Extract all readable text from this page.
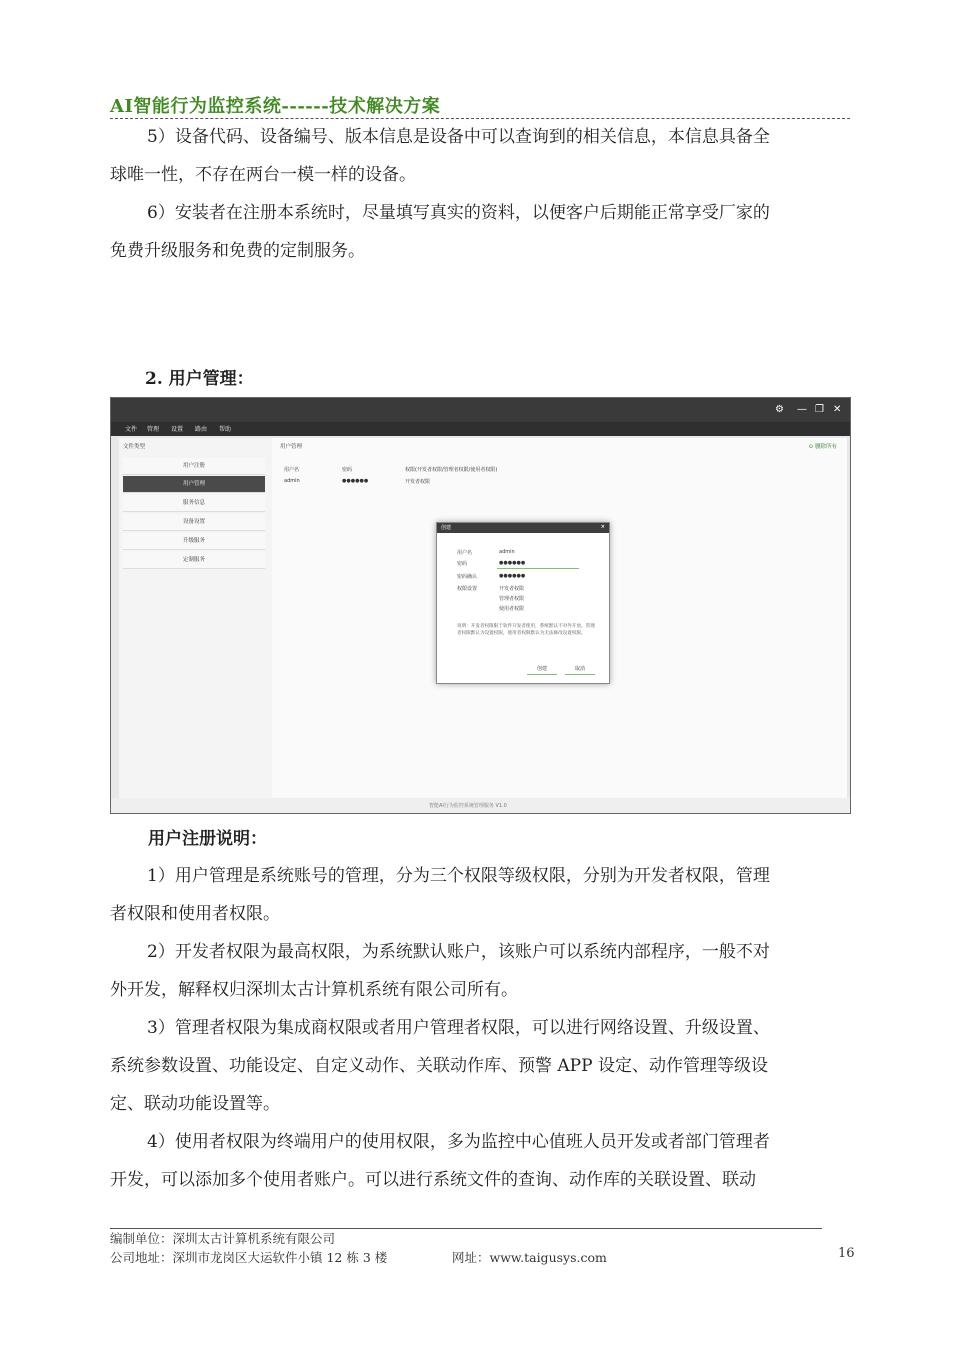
AI智能行为监控系统------技术解决方案
5）设备代码、设备编号、版本信息是设备中可以查询到的相关信息，本信息具备全
球唯一性，不存在两台一模一样的设备。
6）安装者在注册本系统时，尽量填写真实的资料，以便客户后期能正常享受厂家的
免费升级服务和免费的定制服务。
2. 用户管理：
⚙ — ❐ ✕
文件 管理 设置 路由 帮助
文件类型
用户注册
用户管理
服务信息
设备设置
升级服务
定制服务
用户管理	⊙ 删除所有
用户名	密码	权限(开发者权限/管理者权限/使用者权限)
admin	●●●●●●	开发者权限
创建	×
用户名	admin
密码	●●●●●●
密码确认	●●●●●●
权限设置	开发者权限
管理者权限
使用者权限
说明：开发者权限限于软件开发者使用，系统默认不对外开放。管理者权限默认为设置权限，使用者权限默认为无法修改设置权限。
创建	取消
智能AI行为监控系统管理服务 V1.0
用户注册说明：
1）用户管理是系统账号的管理，分为三个权限等级权限，分别为开发者权限，管理
者权限和使用者权限。
2）开发者权限为最高权限，为系统默认账户，该账户可以系统内部程序，一般不对
外开发，解释权归深圳太古计算机系统有限公司所有。
3）管理者权限为集成商权限或者用户管理者权限，可以进行网络设置、升级设置、
系统参数设置、功能设定、自定义动作、关联动作库、预警 APP 设定、动作管理等级设
定、联动功能设置等。
4）使用者权限为终端用户的使用权限，多为监控中心值班人员开发或者部门管理者
开发，可以添加多个使用者账户。可以进行系统文件的查询、动作库的关联设置、联动
编制单位：深圳太古计算机系统有限公司
公司地址：深圳市龙岗区大运软件小镇 12 栋 3 楼	网址：www.taigusys.com	16
